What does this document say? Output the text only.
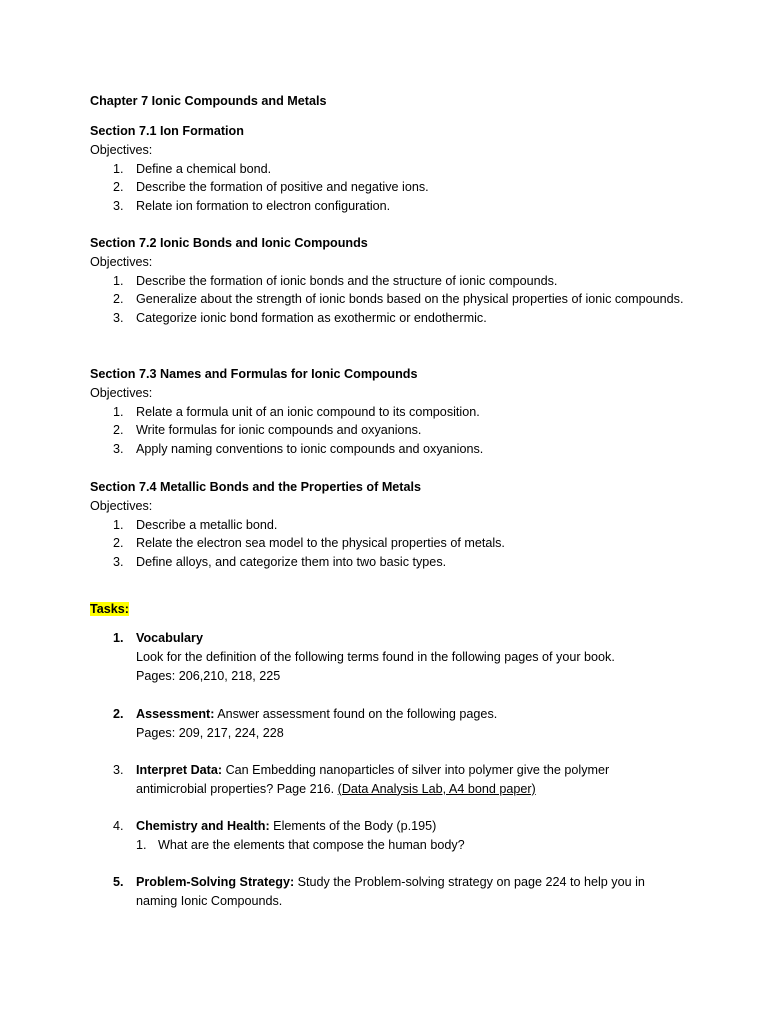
Chapter 7 Ionic Compounds and Metals
Section 7.1 Ion Formation
Objectives:
1. Define a chemical bond.
2. Describe the formation of positive and negative ions.
3. Relate ion formation to electron configuration.
Section 7.2 Ionic Bonds and Ionic Compounds
Objectives:
1. Describe the formation of ionic bonds and the structure of ionic compounds.
2. Generalize about the strength of ionic bonds based on the physical properties of ionic compounds.
3. Categorize ionic bond formation as exothermic or endothermic.
Section 7.3 Names and Formulas for Ionic Compounds
Objectives:
1. Relate a formula unit of an ionic compound to its composition.
2. Write formulas for ionic compounds and oxyanions.
3. Apply naming conventions to ionic compounds and oxyanions.
Section 7.4 Metallic Bonds and the Properties of Metals
Objectives:
1. Describe a metallic bond.
2. Relate the electron sea model to the physical properties of metals.
3. Define alloys, and categorize them into two basic types.
Tasks:
1. Vocabulary
Look for the definition of the following terms found in the following pages of your book.
Pages: 206,210, 218, 225
2. Assessment: Answer assessment found on the following pages.
Pages: 209, 217, 224, 228
3. Interpret Data: Can Embedding nanoparticles of silver into polymer give the polymer antimicrobial properties? Page 216. (Data Analysis Lab, A4 bond paper)
4. Chemistry and Health: Elements of the Body (p.195)
1. What are the elements that compose the human body?
5. Problem-Solving Strategy: Study the Problem-solving strategy on page 224 to help you in naming Ionic Compounds.
